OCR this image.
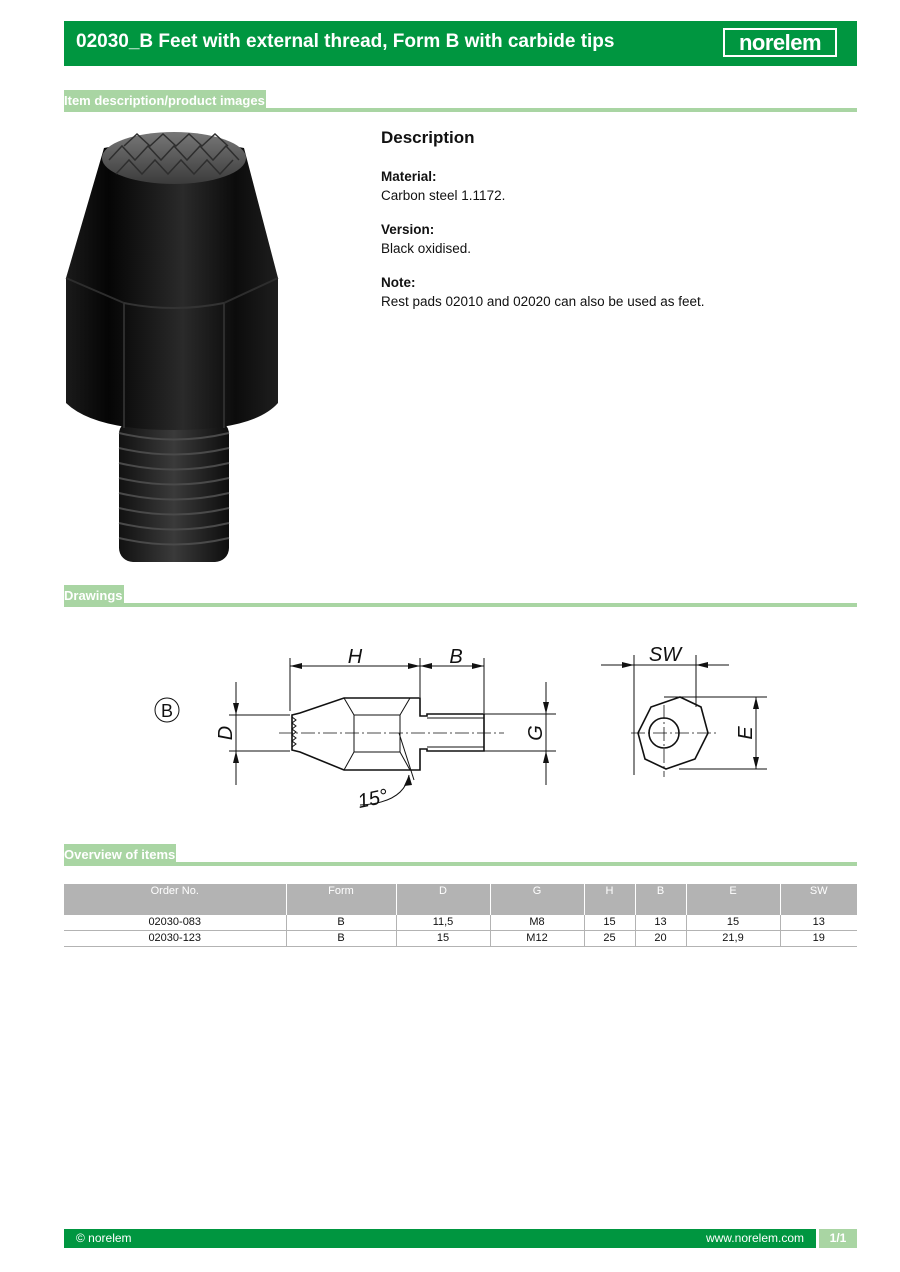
02030_B Feet with external thread, Form B with carbide tips	norelem
Item description/product images
Description
Material:
Carbon steel 1.1172.
Version:
Black oxidised.
Note:
Rest pads 02010 and 02020 can also be used as feet.
Drawings
B
H	B
D	G
SW
E
15°
Overview of items
Order No.	Form	D	G	H	B	E	SW
02030-083	B	11,5	M8	15	13	15	13
02030-123	B	15	M12	25	20	21,9	19
© norelem	www.norelem.com	1/1
